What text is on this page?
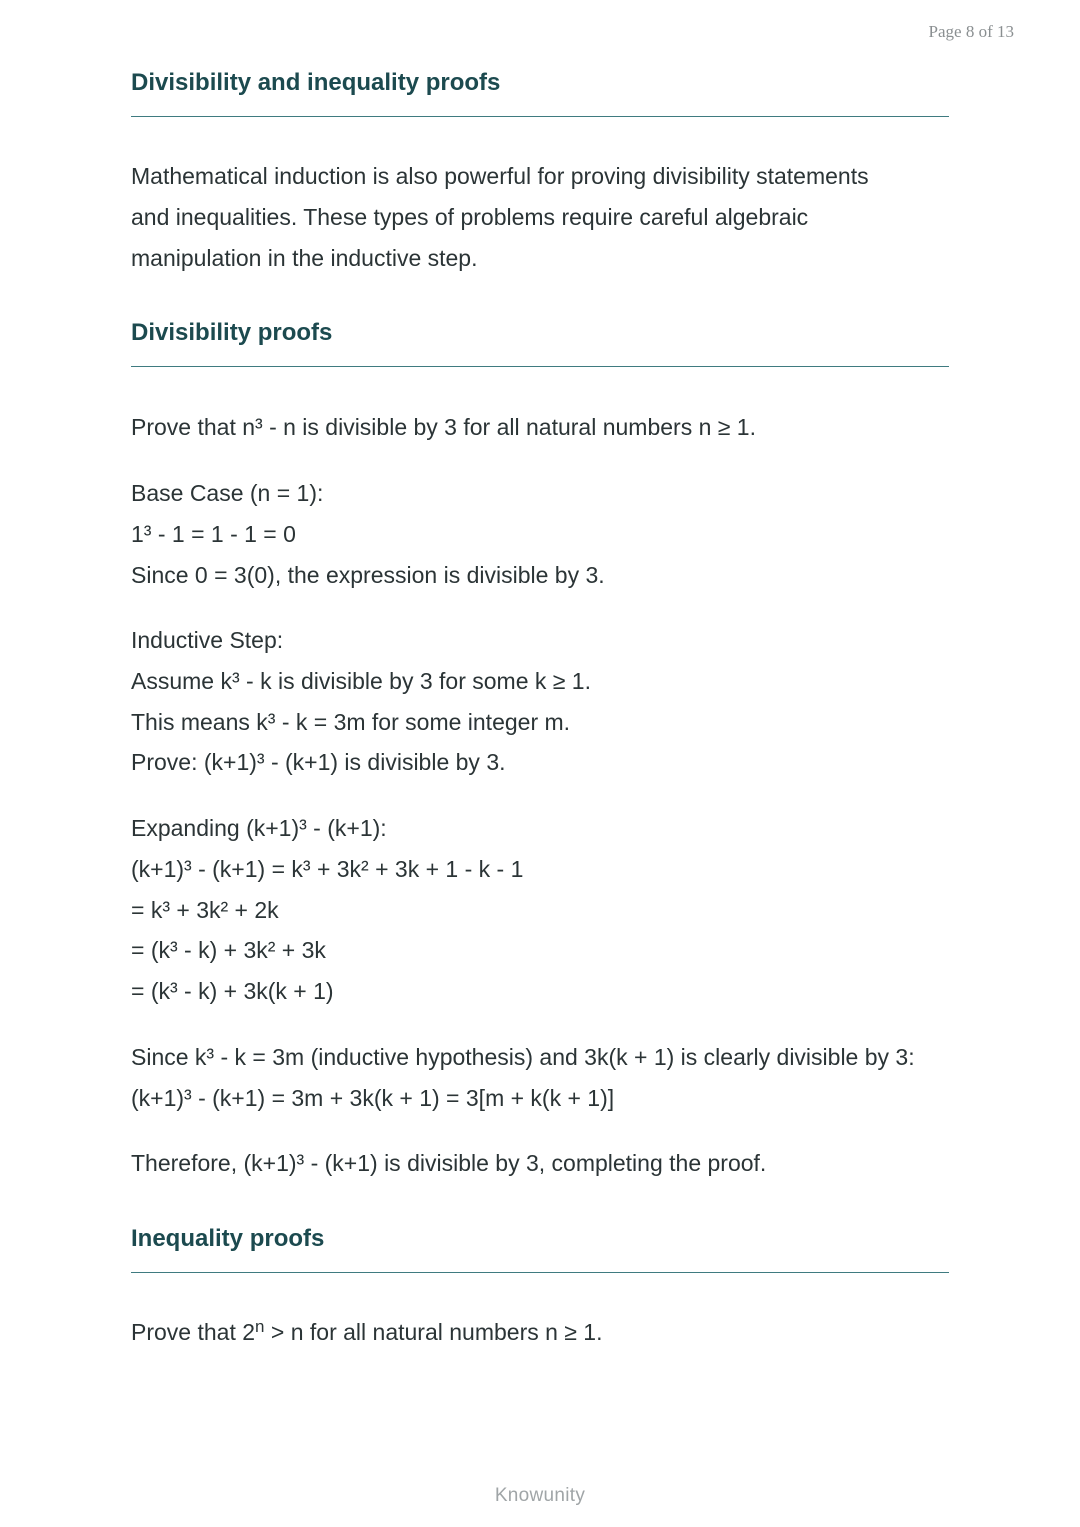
Page 8 of 13
Divisibility and inequality proofs

Mathematical induction is also powerful for proving divisibility statements
and inequalities. These types of problems require careful algebraic
manipulation in the inductive step.

Divisibility proofs

Prove that n³ - n is divisible by 3 for all natural numbers n ≥ 1.

Base Case (n = 1):
1³ - 1 = 1 - 1 = 0
Since 0 = 3(0), the expression is divisible by 3.

Inductive Step:
Assume k³ - k is divisible by 3 for some k ≥ 1.
This means k³ - k = 3m for some integer m.
Prove: (k+1)³ - (k+1) is divisible by 3.

Expanding (k+1)³ - (k+1):
(k+1)³ - (k+1) = k³ + 3k² + 3k + 1 - k - 1
= k³ + 3k² + 2k
= (k³ - k) + 3k² + 3k
= (k³ - k) + 3k(k + 1)

Since k³ - k = 3m (inductive hypothesis) and 3k(k + 1) is clearly divisible by 3:
(k+1)³ - (k+1) = 3m + 3k(k + 1) = 3[m + k(k + 1)]

Therefore, (k+1)³ - (k+1) is divisible by 3, completing the proof.

Inequality proofs

Prove that $2^n > n$ for all natural numbers n ≥ 1.

Knowunity
